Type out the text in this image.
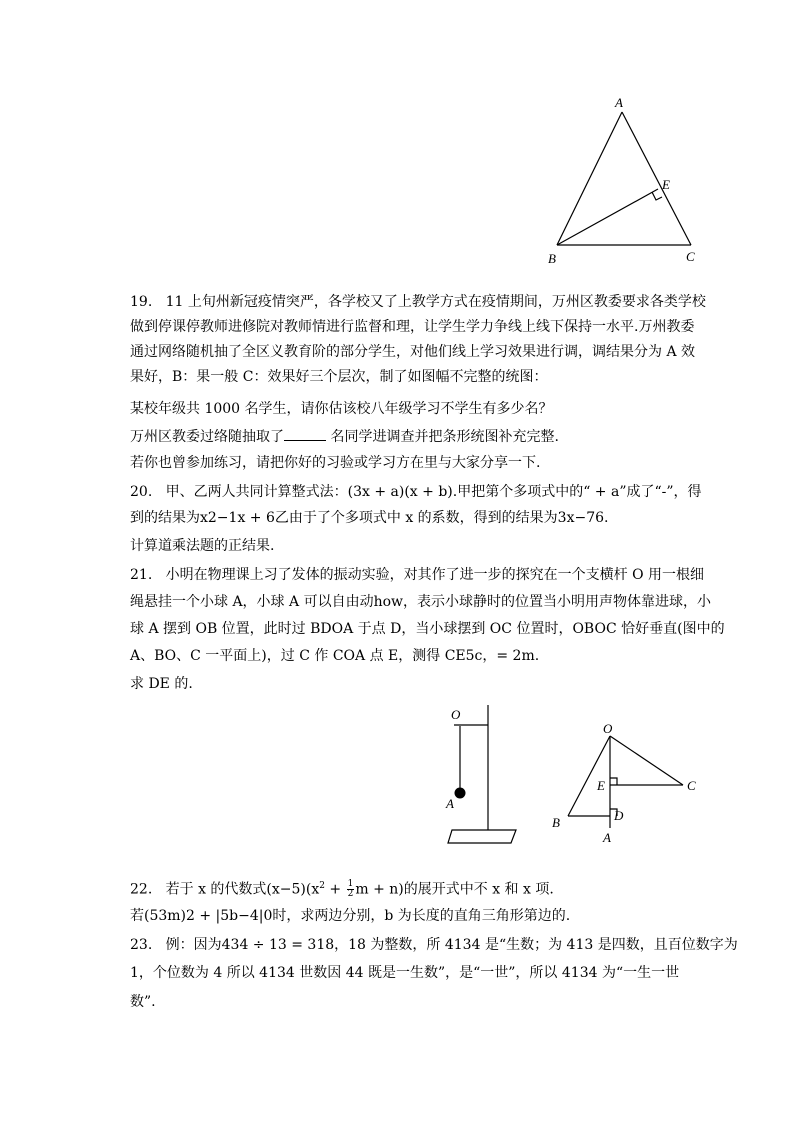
A
E
B	C
19. 11 上旬州新冠疫情突严，各学校又了上教学方式在疫情期间，万州区教委要求各类学校
做到停课停教师进修院对教师情进行监督和理，让学生学力争线上线下保持一水平.万州教委
通过网络随机抽了全区义教育阶的部分学生，对他们线上学习效果进行调，调结果分为 A 效
果好，B：果一般 C：效果好三个层次，制了如图幅不完整的统图：
某校年级共 1000 名学生，请你估该校八年级学习不学生有多少名？
万州区教委过络随抽取了	名同学进调查并把条形统图补充完整.
若你也曾参加练习，请把你好的习验或学习方在里与大家分享一下.
20. 甲、乙两人共同计算整式法：(3x + a)(x + b).甲把第个多项式中的“ + a”成了“-”，得
到的结果为x2−1x + 6乙由于了个多项式中 x 的系数，得到的结果为3x−76.
计算道乘法题的正结果.
21. 小明在物理课上习了发体的振动实验，对其作了进一步的探究在一个支横杆 O 用一根细
绳悬挂一个小球 A，小球 A 可以自由动how，表示小球静时的位置当小明用声物体靠进球，小
球 A 摆到 OB 位置，此时过 BDOA 于点 D，当小球摆到 OC 位置时，OBOC 恰好垂直(图中的
A、BO、C 一平面上)，过 C 作 COA 点 E，测得 CE5c，= 2m.
求 DE 的.
O
A
O
E	C
B	D
A
22. 若于 x 的代数式$(x-5)(x^2 + \frac{1}{2}$ m + n)的展开式中不 x 和 x 项.
若(53m)2 + |5b−4|0时，求两边分别，b 为长度的直角三角形第边的.
23. 例：因为434 ÷ 13 = 318，18 为整数，所 4134 是“生数；为 413 是四数，且百位数字为
1，个位数为 4 所以 4134 世数因 44 既是一生数”，是“一世”，所以 4134 为“一生一世
数”.
